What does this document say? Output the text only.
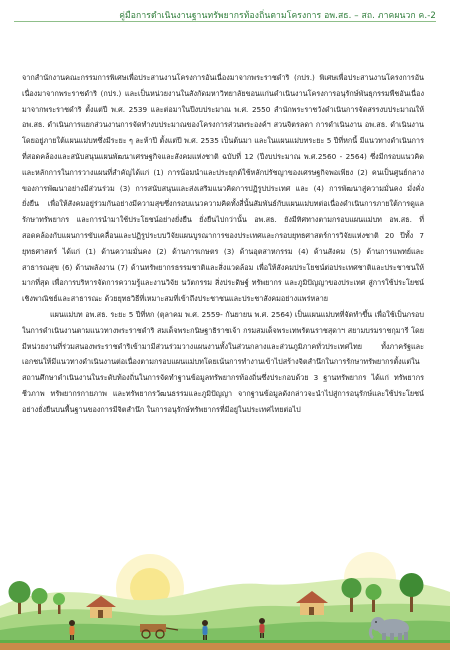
คู่มือการดำเนินงานฐานทรัพยากรท้องถิ่นตามโครงการ อพ.สธ. – สถ. ภาคผนวก ค.-2

จากสำนักงานคณะกรรมการพิเศษเพื่อประสานงานโครงการอันเนื่องมาจากพระราชดำริ (กปร.) พิเศษเพื่อประสานงานโครงการอันเนื่องมาจากพระราชดำริ (กปร.) และเป็นหน่วยงานในสังกัดมหาวิทยาลัยขอนแก่นดำเนินงานโครงการอนุรักษ์พันธุกรรมพืชอันเนื่องมาจากพระราชดำริ ตั้งแต่ปี พ.ศ. 2539 และต่อมาในปีงบประมาณ พ.ศ. 2550 สำนักพระราชวังดำเนินการจัดสรรงบประมาณให้ อพ.สธ. ดำเนินการแยกส่วนงานการจัดทำงบประมาณของโครงการส่วนพระองค์ฯ สวนจิตรลดา การดำเนินงาน อพ.สธ. ดำเนินงานโดยอยู่ภายใต้แผนแม่บทซึ่งมีระยะ ๆ ละห้าปี ตั้งแต่ปี พ.ศ. 2535 เป็นต้นมา และในแผนแม่บทระยะ 5 ปีที่หกนี้ มีแนวทางดำเนินการที่สอดคล้องและสนับสนุนแผนพัฒนาเศรษฐกิจและสังคมแห่งชาติ ฉบับที่ 12 (ปีงบประมาณ พ.ศ.2560 - 2564) ซึ่งมีกรอบแนวคิดและหลักการในการวางแผนที่สำคัญได้แก่ (1) การน้อมนำและประยุกต์ใช้หลักปรัชญาของเศรษฐกิจพอเพียง (2) คนเป็นศูนย์กลางของการพัฒนาอย่างมีส่วนร่วม (3) การสนับสนุนและส่งเสริมแนวคิดการปฏิรูปประเทศ และ (4) การพัฒนาสู่ความมั่นคง มั่งคั่ง ยั่งยืน เพื่อให้สังคมอยู่ร่วมกันอย่างมีความสุขซึ่งกรอบแนวความคิดทั้งสี่นั้นสัมพันธ์กับแผนแม่บทต่อเนื่องดำเนินการภายใต้การดูแลรักษาทรัพยากร และการนำมาใช้ประโยชน์อย่างยั่งยืน ยั่งยืนไปกว่านั้น อพ.สธ. ยังมีทิศทางตามกรอบแผนแม่บท อพ.สธ. ที่สอดคล้องกับแผนการขับเคลื่อนและปฏิรูประบบวิจัยแผนบูรณาการของประเทศและกรอบยุทธศาสตร์การวิจัยแห่งชาติ 20 ปีทั้ง 7 ยุทธศาสตร์ ได้แก่ (1) ด้านความมั่นคง (2) ด้านการเกษตร (3) ด้านอุตสาหกรรม (4) ด้านสังคม (5) ด้านการแพทย์และสาธารณสุข (6) ด้านพลังงาน (7) ด้านทรัพยากรธรรมชาติและสิ่งแวดล้อม เพื่อให้สังคมประโยชน์ต่อประเทศชาติและประชาชนให้มากที่สุด เพื่อการบริหารจัดการความรู้และงานวิจัย นวัตกรรม สิ่งประดิษฐ์ ทรัพยากร และภูมิปัญญาของประเทศ สู่การใช้ประโยชน์เชิงพาณิชย์และสาธารณะ ด้วยยุทธวิธีที่เหมาะสมที่เข้าถึงประชาชนและประชาสังคมอย่างแพร่หลาย

แผนแม่บท อพ.สธ. ระยะ 5 ปีที่หก (ตุลาคม พ.ศ. 2559- กันยายน พ.ศ. 2564) เป็นแผนแม่บทที่จัดทำขึ้น เพื่อใช้เป็นกรอบในการดำเนินงานตามแนวทางพระราชดำริ สมเด็จพระกนิษฐาธิราชเจ้า กรมสมเด็จพระเทพรัตนราชสุดาฯ สยามบรมราชกุมารี โดยมีหน่วยงานที่ร่วมสนองพระราชดำริเข้ามามีส่วนร่วมวางแผนงานทั้งในส่วนกลางและส่วนภูมิภาคทั่วประเทศไทย ทั้งภาครัฐและเอกชนให้มีแนวทางดำเนินงานต่อเนื่องตามกรอบแผนแม่บทโดยเน้นการทำงานเข้าไปสร้างจิตสำนึกในการรักษาทรัพยากรตั้งแต่ในสถานศึกษาดำเนินงานในระดับท้องถิ่นในการจัดทำฐานข้อมูลทรัพยากรท้องถิ่นซึ่งประกอบด้วย 3 ฐานทรัพยากร ได้แก่ ทรัพยากรชีวภาพ ทรัพยากรกายภาพ และทรัพยากรวัฒนธรรมและภูมิปัญญา จากฐานข้อมูลดังกล่าวจะนำไปสู่การอนุรักษ์และใช้ประโยชน์อย่างยั่งยืนบนพื้นฐานของการมีจิตสำนึก ในการอนุรักษ์ทรัพยากรที่มีอยู่ในประเทศไทยต่อไป
